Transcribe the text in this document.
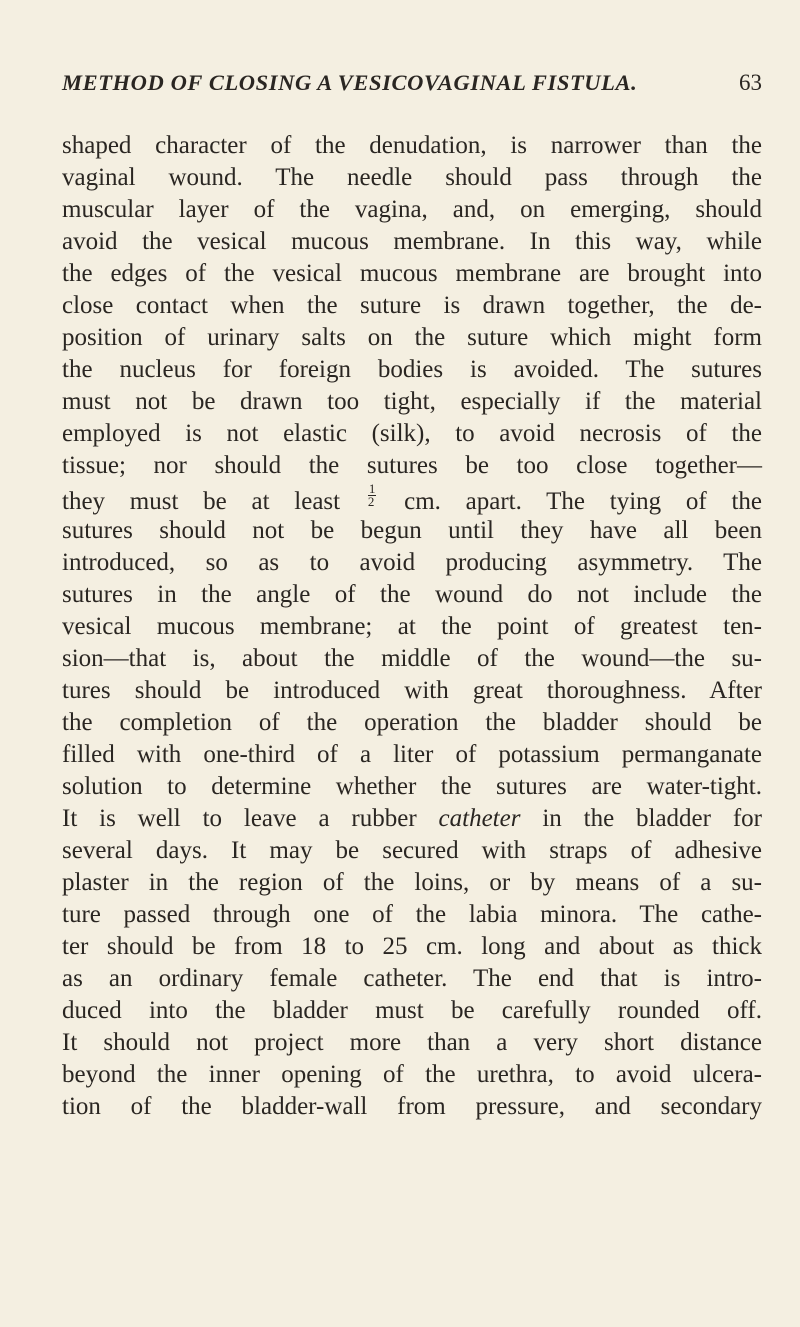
METHOD OF CLOSING A VESICOVAGINAL FISTULA.	63
shaped character of the denudation, is narrower than the
vaginal wound. The needle should pass through the
muscular layer of the vagina, and, on emerging, should
avoid the vesical mucous membrane. In this way, while
the edges of the vesical mucous membrane are brought into
close contact when the suture is drawn together, the de-
position of urinary salts on the suture which might form
the nucleus for foreign bodies is avoided. The sutures
must not be drawn too tight, especially if the material
employed is not elastic (silk), to avoid necrosis of the
tissue; nor should the sutures be too close together—
they must be at least $\frac{1}{2}$ cm. apart. The tying of the
sutures should not be begun until they have all been
introduced, so as to avoid producing asymmetry. The
sutures in the angle of the wound do not include the
vesical mucous membrane; at the point of greatest ten-
sion—that is, about the middle of the wound—the su-
tures should be introduced with great thoroughness. After
the completion of the operation the bladder should be
filled with one-third of a liter of potassium permanganate
solution to determine whether the sutures are water-tight.
It is well to leave a rubber catheter in the bladder for
several days. It may be secured with straps of adhesive
plaster in the region of the loins, or by means of a su-
ture passed through one of the labia minora. The cathe-
ter should be from 18 to 25 cm. long and about as thick
as an ordinary female catheter. The end that is intro-
duced into the bladder must be carefully rounded off.
It should not project more than a very short distance
beyond the inner opening of the urethra, to avoid ulcera-
tion of the bladder-wall from pressure, and secondary
